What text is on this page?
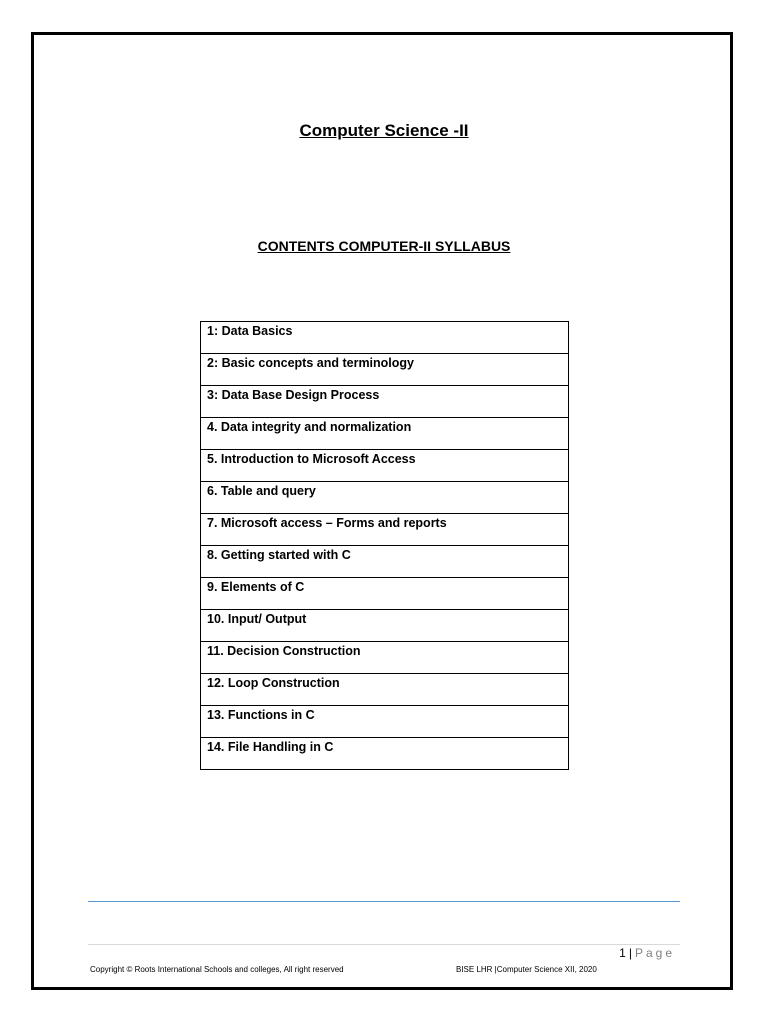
Computer Science -II
CONTENTS COMPUTER-II SYLLABUS
1: Data Basics
2: Basic concepts and terminology
3: Data Base Design Process
4. Data integrity and normalization
5. Introduction to Microsoft Access
6. Table and query
7. Microsoft access – Forms and reports
8. Getting started with C
9. Elements of C
10. Input/ Output
11. Decision Construction
12. Loop Construction
13. Functions in C
14. File Handling in C
1 | Page
Copyright © Roots International Schools and colleges, All right reserved	BISE LHR |Computer Science XII, 2020
